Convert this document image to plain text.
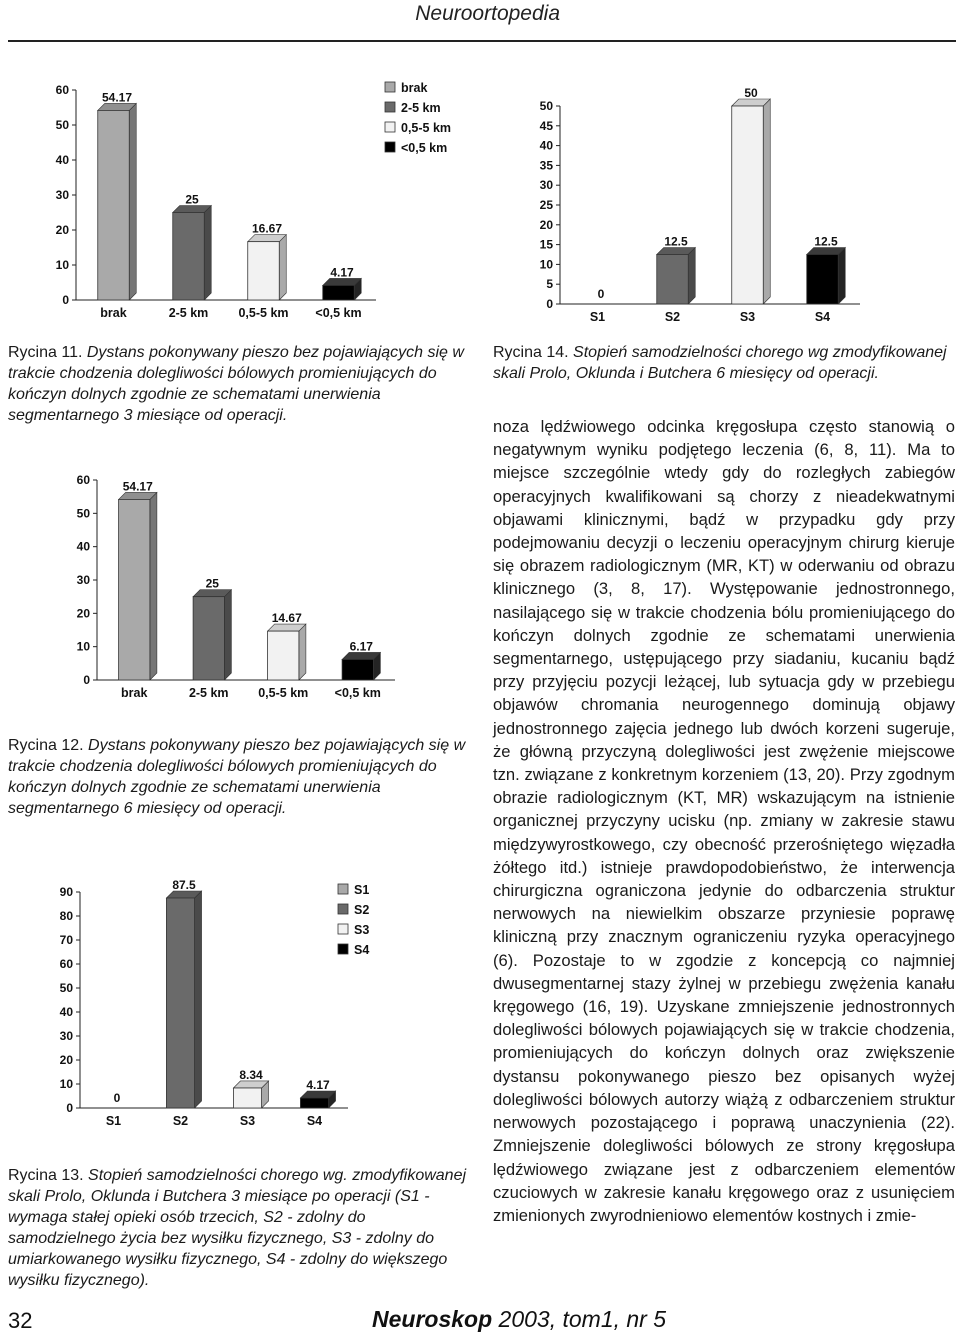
Neuroortopedia
0
10
20
30
40
50
60
54.17
brak
25
2-5 km
16.67
0,5-5 km
4.17
<0,5 km
brak
2-5 km
0,5-5 km
<0,5 km
Rycina 11. Dystans pokonywany pieszo bez pojawiających się w trakcie chodzenia dolegliwości bólowych promieniujących do kończyn dolnych zgodnie ze schematami unerwienia segmentarnego 3 miesiące od operacji.
0
10
20
30
40
50
60	54.17
brak
25
2-5 km
14.67
0,5-5 km
6.17
<0,5 km
Rycina 12. Dystans pokonywany pieszo bez pojawiających się w trakcie chodzenia dolegliwości bólowych promieniujących do kończyn dolnych zgodnie ze schematami unerwienia segmentarnego 6 miesięcy od operacji.
0
10
20
30
40
50
60
70
80
90
0
S1
87.5
S2
8.34
S3
4.17
S4
S1
S2
S3
S4
Rycina 13. Stopień samodzielności chorego wg. zmodyfikowanej skali Prolo, Oklunda i Butchera 3 miesiące po operacji (S1 - wymaga stałej opieki osób trzecich, S2 - zdolny do samodzielnego życia bez wysiłku fizycznego, S3 - zdolny do umiarkowanego wysiłku fizycznego, S4 - zdolny do większego wysiłku fizycznego).
0
5
10
15
20
25
30
35
40
45
50
0
S1
12.5
S2
50
S3
12.5
S4
Rycina 14. Stopień samodzielności chorego wg zmodyfikowanej skali Prolo, Oklunda i Butchera 6 miesięcy od operacji.
noza lędźwiowego odcinka kręgosłupa często stanowią o negatywnym wyniku podjętego leczenia (6, 8, 11). Ma to miejsce szczególnie wtedy gdy do rozległych zabiegów operacyjnych kwalifikowani są chorzy z nieadekwatnymi objawami klinicznymi, bądź w przypadku gdy przy podejmowaniu decyzji o leczeniu operacyjnym chirurg kieruje się obrazem radiologicznym (MR, KT) w oderwaniu od obrazu klinicznego (3, 8, 17). Występowanie jednostronnego, nasilającego się w trakcie chodzenia bólu promieniującego do kończyn dolnych zgodnie ze schematami unerwienia segmentarnego, ustępującego przy siadaniu, kucaniu bądź przy przyjęciu pozycji leżącej, lub sytuacja gdy w przebiegu objawów chromania neurogennego dominują objawy jednostronnego zajęcia jednego lub dwóch korzeni sugeruje, że główną przyczyną dolegliwości jest zwężenie miejscowe tzn. związane z konkretnym korzeniem (13, 20). Przy zgodnym obrazie radiologicznym (KT, MR) wskazującym na istnienie organicznej przyczyny ucisku (np. zmiany w zakresie stawu międzywyrostkowego, czy obecność przerośniętego więzadła żółtego itd.) istnieje prawdopodobieństwo, że interwencja chirurgiczna ograniczona jedynie do odbarczenia struktur nerwowych na niewielkim obszarze przyniesie poprawę kliniczną przy znacznym ograniczeniu ryzyka operacyjnego (6). Pozostaje to w zgodzie z koncepcją co najmniej dwusegmentarnej stazy żylnej w przebiegu zwężenia kanału kręgowego (16, 19). Uzyskane zmniejszenie jednostronnych dolegliwości bólowych pojawiających się w trakcie chodzenia, promieniujących do kończyn dolnych oraz zwiększenie dystansu pokonywanego pieszo bez opisanych wyżej dolegliwości bólowych autorzy wiążą z odbarczeniem struktur nerwowych pozostającego i poprawą unaczynienia (22). Zmniejszenie dolegliwości bólowych ze strony kręgosłupa lędźwiowego związane jest z odbarczeniem elementów czuciowych w zakresie kanału kręgowego oraz z usunięciem zmienionych zwyrodnieniowo elementów kostnych i zmie-
32	Neuroskop 2003, tom1, nr 5
